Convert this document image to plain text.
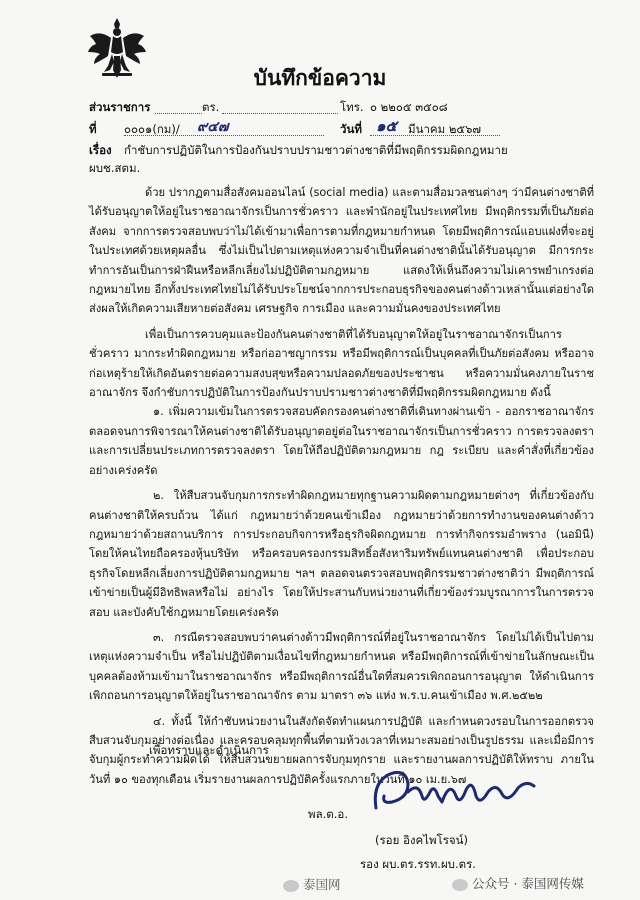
บันทึกข้อความ
ส่วนราชการ	ตร.	โทร. ๐ ๒๒๐๕ ๓๕๐๘
ที่ ๐๐๐๑(กม)/ ๙๔๗	วันที่ ๑๕ มีนาคม ๒๕๖๗
เรื่อง กำชับการปฏิบัติในการป้องกันปราบปรามชาวต่างชาติที่มีพฤติกรรมผิดกฎหมาย
ผบช.สตม.

ด้วย ปรากฏตามสื่อสังคมออนไลน์ (social media) และตามสื่อมวลชนต่างๆ ว่ามีคนต่างชาติที่ได้รับอนุญาตให้อยู่ในราชอาณาจักรเป็นการชั่วคราว และพำนักอยู่ในประเทศไทย มีพฤติกรรมที่เป็นภัยต่อสังคม จากการตรวจสอบพบว่าไม่ได้เข้ามาเพื่อการตามที่กฎหมายกำหนด โดยมีพฤติการณ์แอบแฝงที่จะอยู่ในประเทศด้วยเหตุผลอื่น ซึ่งไม่เป็นไปตามเหตุแห่งความจำเป็นที่คนต่างชาตินั้นได้รับอนุญาต มีการกระทำการอันเป็นการฝ่าฝืนหรือหลีกเลี่ยงไม่ปฏิบัติตามกฎหมาย แสดงให้เห็นถึงความไม่เคารพยำเกรงต่อกฎหมายไทย อีกทั้งประเทศไทยไม่ได้รับประโยชน์จากการประกอบธุรกิจของคนต่างด้าวเหล่านั้นแต่อย่างใด ส่งผลให้เกิดความเสียหายต่อสังคม เศรษฐกิจ การเมือง และความมั่นคงของประเทศไทย

เพื่อเป็นการควบคุมและป้องกันคนต่างชาติที่ได้รับอนุญาตให้อยู่ในราชอาณาจักรเป็นการชั่วคราว มากระทำผิดกฎหมาย หรือก่ออาชญากรรม หรือมีพฤติการณ์เป็นบุคคลที่เป็นภัยต่อสังคม หรืออาจก่อเหตุร้ายให้เกิดอันตรายต่อความสงบสุขหรือความปลอดภัยของประชาชน หรือความมั่นคงภายในราชอาณาจักร จึงกำชับการปฏิบัติในการป้องกันปราบปรามชาวต่างชาติที่มีพฤติกรรมผิดกฎหมาย ดังนี้

๑. เพิ่มความเข้มในการตรวจสอบคัดกรองคนต่างชาติที่เดินทางผ่านเข้า - ออกราชอาณาจักร ตลอดจนการพิจารณาให้คนต่างชาติได้รับอนุญาตอยู่ต่อในราชอาณาจักรเป็นการชั่วคราว การตรวจลงตราและการเปลี่ยนประเภทการตรวจลงตรา โดยให้ถือปฏิบัติตามกฎหมาย กฎ ระเบียบ และคำสั่งที่เกี่ยวข้องอย่างเคร่งครัด

๒. ให้สืบสวนจับกุมการกระทำผิดกฎหมายทุกฐานความผิดตามกฎหมายต่างๆ ที่เกี่ยวข้องกับคนต่างชาติให้ครบถ้วน ได้แก่ กฎหมายว่าด้วยคนเข้าเมือง กฎหมายว่าด้วยการทำงานของคนต่างด้าว กฎหมายว่าด้วยสถานบริการ การประกอบกิจการหรือธุรกิจผิดกฎหมาย การทำกิจกรรมอำพราง (นอมินี) โดยให้คนไทยถือครองหุ้นบริษัท หรือครอบครองกรรมสิทธิ์อสังหาริมทรัพย์แทนคนต่างชาติ เพื่อประกอบธุรกิจโดยหลีกเลี่ยงการปฏิบัติตามกฎหมาย ฯลฯ ตลอดจนตรวจสอบพฤติกรรมชาวต่างชาติว่า มีพฤติการณ์เข้าข่ายเป็นผู้มีอิทธิพลหรือไม่ อย่างไร โดยให้ประสานกับหน่วยงานที่เกี่ยวข้องร่วมบูรณาการในการตรวจสอบ และบังคับใช้กฎหมายโดยเคร่งครัด

๓. กรณีตรวจสอบพบว่าคนต่างด้าวมีพฤติการณ์ที่อยู่ในราชอาณาจักร โดยไม่ได้เป็นไปตามเหตุแห่งความจำเป็น หรือไม่ปฏิบัติตามเงื่อนไขที่กฎหมายกำหนด หรือมีพฤติการณ์ที่เข้าข่ายในลักษณะเป็นบุคคลต้องห้ามเข้ามาในราชอาณาจักร หรือมีพฤติการณ์อื่นใดที่สมควรเพิกถอนการอนุญาต ให้ดำเนินการเพิกถอนการอนุญาตให้อยู่ในราชอาณาจักร ตาม มาตรา ๓๖ แห่ง พ.ร.บ.คนเข้าเมือง พ.ศ.๒๕๒๒

๔. ทั้งนี้ ให้กำชับหน่วยงานในสังกัดจัดทำแผนการปฏิบัติ และกำหนดวงรอบในการออกตรวจสืบสวนจับกุมอย่างต่อเนื่อง และครอบคลุมทุกพื้นที่ตามห้วงเวลาที่เหมาะสมอย่างเป็นรูปธรรม และเมื่อมีการจับกุมผู้กระทำความผิดได้ ให้สืบสวนขยายผลการจับกุมทุกราย และรายงานผลการปฏิบัติให้ทราบ ภายในวันที่ ๑๐ ของทุกเดือน เริ่มรายงานผลการปฏิบัติครั้งแรกภายในวันที่ ๑๐ เม.ย.๖๗

เพื่อทราบและดำเนินการ
พล.ต.อ.
(รอย อิงคไพโรจน์)
รอง ผบ.ตร.รรท.ผบ.ตร.
泰国网	公众号 · 泰国网传媒
